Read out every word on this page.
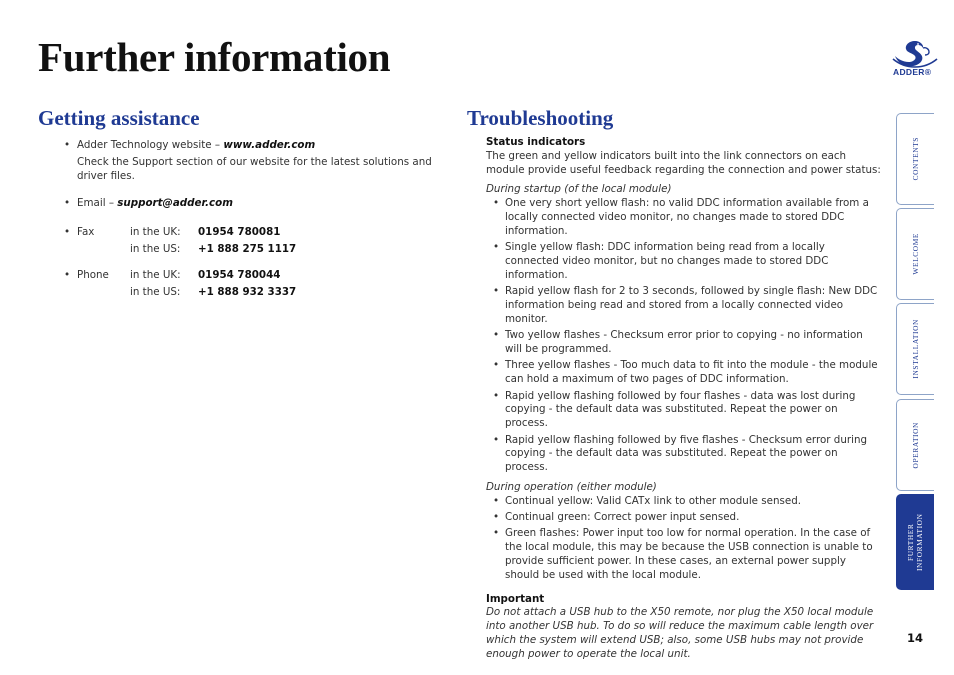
Further information	ADDER®
Getting assistance	Troubleshooting
• Adder Technology website – www.adder.com
Check the Support section of our website for the latest solutions and driver files.
• Email – support@adder.com
• Fax	in the UK:	01954 780081
in the US:	+1 888 275 1117
• Phone	in the UK:	01954 780044
in the US:	+1 888 932 3337
Status indicators
The green and yellow indicators built into the link connectors on each module provide useful feedback regarding the connection and power status:
During startup (of the local module)
• One very short yellow flash: no valid DDC information available from a locally connected video monitor, no changes made to stored DDC information.
• Single yellow flash: DDC information being read from a locally connected video monitor, but no changes made to stored DDC information.
• Rapid yellow flash for 2 to 3 seconds, followed by single flash: New DDC information being read and stored from a locally connected video monitor.
• Two yellow flashes - Checksum error prior to copying - no information will be programmed.
• Three yellow flashes - Too much data to fit into the module - the module can hold a maximum of two pages of DDC information.
• Rapid yellow flashing followed by four flashes - data was lost during copying - the default data was substituted. Repeat the power on process.
• Rapid yellow flashing followed by five flashes - Checksum error during copying - the default data was substituted. Repeat the power on process.
During operation (either module)
• Continual yellow: Valid CATx link to other module sensed.
• Continual green: Correct power input sensed.
• Green flashes: Power input too low for normal operation. In the case of the local module, this may be because the USB connection is unable to provide sufficient power. In these cases, an external power supply should be used with the local module.
Important
Do not attach a USB hub to the X50 remote, nor plug the X50 local module into another USB hub. To do so will reduce the maximum cable length over which the system will extend USB; also, some USB hubs may not provide enough power to operate the local unit.
CONTENTS
WELCOME
INSTALLATION
OPERATION
FURTHER INFORMATION
14
